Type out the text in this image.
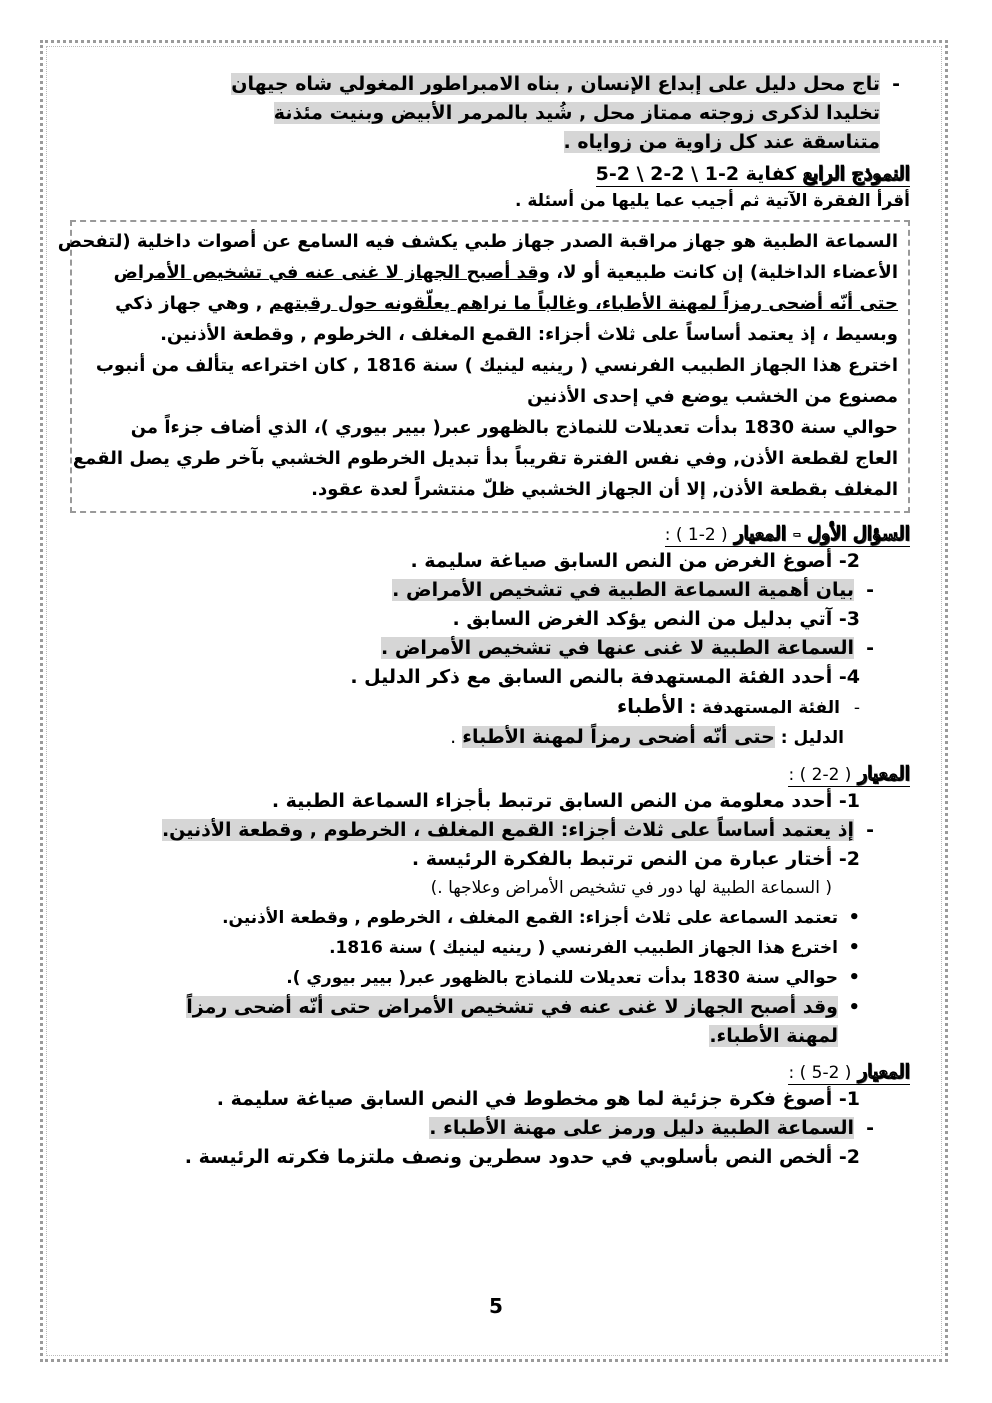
-تاج محل دليل على إبداع الإنسان , بناه الامبراطور المغولي شاه جيهان
تخليدا لذكرى زوجته ممتاز محل , شُيد بالمرمر الأبيض وبنيت مئذنة
متناسقة عند كل زاوية من زواياه .
النموذج الرابع كفاية 2-1 \ 2-2 \ 2-5
أقرأ الفقرة الآتية ثم أجيب عما يليها من أسئلة .
السماعة الطبية هو جهاز مراقبة الصدر جهاز طبي يكشف فيه السامع عن أصوات داخلية (لتفحص
الأعضاء الداخلية) إن كانت طبيعية أو لا، وقد أصبح الجهاز لا غنى عنه في تشخيص الأمراض
حتى أنّه أضحى رمزاً لمهنة الأطباء، وغالباً ما نراهم يعلّقونه حول رقبتهم , وهي جهاز ذكي
وبسيط ، إذ يعتمد أساساً على ثلاث أجزاء: القمع المغلف ، الخرطوم , وقطعة الأذنين.
اخترع هذا الجهاز الطبيب الفرنسي ( رينيه لينيك ) سنة 1816 , كان اختراعه يتألف من أنبوب
مصنوع من الخشب يوضع في إحدى الأذنين
حوالي سنة 1830 بدأت تعديلات للنماذج بالظهور عبر( بيير بيوري )، الذي أضاف جزءاً من
العاج لقطعة الأذن, وفي نفس الفترة تقريباً بدأ تبديل الخرطوم الخشبي بآخر طري يصل القمع
المغلف بقطعة الأذن, إلا أن الجهاز الخشبي ظلّ منتشراً لعدة عقود.
السؤال الأول - المعيار ( 2-1 ) :
2- أصوغ الغرض من النص السابق صياغة سليمة .
-بيان أهمية السماعة الطبية في تشخيص الأمراض .
3- آتي بدليل من النص يؤكد الغرض السابق .
-السماعة الطبية لا غنى عنها في تشخيص الأمراض .
4- أحدد الفئة المستهدفة بالنص السابق مع ذكر الدليل .
-الفئة المستهدفة : الأطباء
الدليل : حتى أنّه أضحى رمزاً لمهنة الأطباء .
المعيار ( 2-2 ) :
1- أحدد معلومة من النص السابق ترتبط بأجزاء السماعة الطبية .
-إذ يعتمد أساساً على ثلاث أجزاء: القمع المغلف ، الخرطوم , وقطعة الأذنين.
2- أختار عبارة من النص ترتبط بالفكرة الرئيسة .
( السماعة الطبية لها دور في تشخيص الأمراض وعلاجها .)
• تعتمد السماعة على ثلاث أجزاء: القمع المغلف ، الخرطوم , وقطعة الأذنين.
• اخترع هذا الجهاز الطبيب الفرنسي ( رينيه لينيك ) سنة 1816.
• حوالي سنة 1830 بدأت تعديلات للنماذج بالظهور عبر( بيير بيوري ).
• وقد أصبح الجهاز لا غنى عنه في تشخيص الأمراض حتى أنّه أضحى رمزاً
لمهنة الأطباء.
المعيار ( 2-5 ) :
1- أصوغ فكرة جزئية لما هو مخطوط في النص السابق صياغة سليمة .
-السماعة الطبية دليل ورمز على مهنة الأطباء .
2- ألخص النص بأسلوبي في حدود سطرين ونصف ملتزما فكرته الرئيسة .
5
